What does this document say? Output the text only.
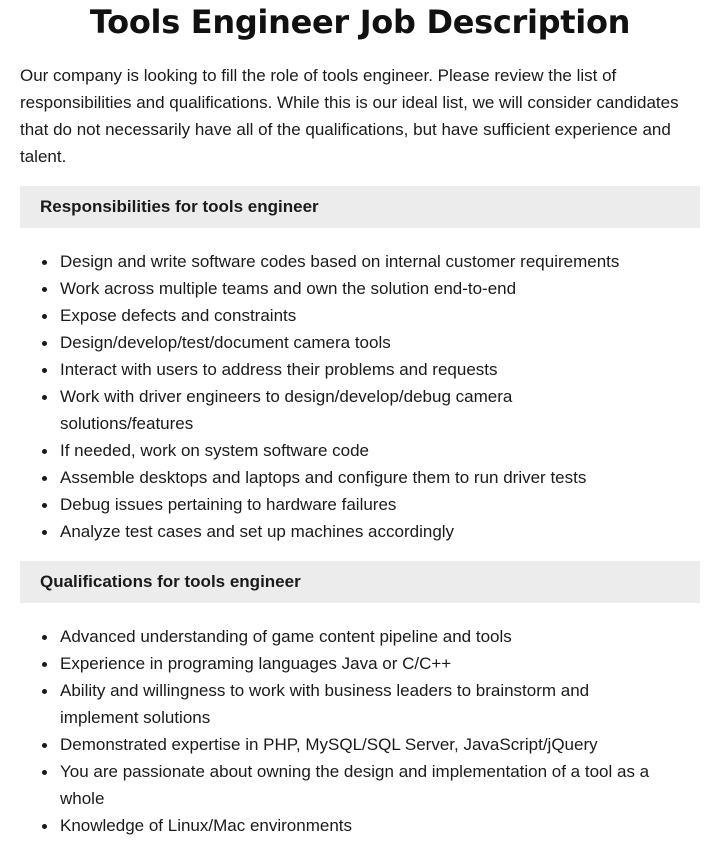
Tools Engineer Job Description

Our company is looking to fill the role of tools engineer. Please review the list of responsibilities and qualifications. While this is our ideal list, we will consider candidates that do not necessarily have all of the qualifications, but have sufficient experience and talent.

Responsibilities for tools engineer
Design and write software codes based on internal customer requirements
Work across multiple teams and own the solution end-to-end
Expose defects and constraints
Design/develop/test/document camera tools
Interact with users to address their problems and requests
Work with driver engineers to design/develop/debug camera solutions/features
If needed, work on system software code
Assemble desktops and laptops and configure them to run driver tests
Debug issues pertaining to hardware failures
Analyze test cases and set up machines accordingly
Qualifications for tools engineer
Advanced understanding of game content pipeline and tools
Experience in programing languages Java or C/C++
Ability and willingness to work with business leaders to brainstorm and implement solutions
Demonstrated expertise in PHP, MySQL/SQL Server, JavaScript/jQuery
You are passionate about owning the design and implementation of a tool as a whole
Knowledge of Linux/Mac environments
